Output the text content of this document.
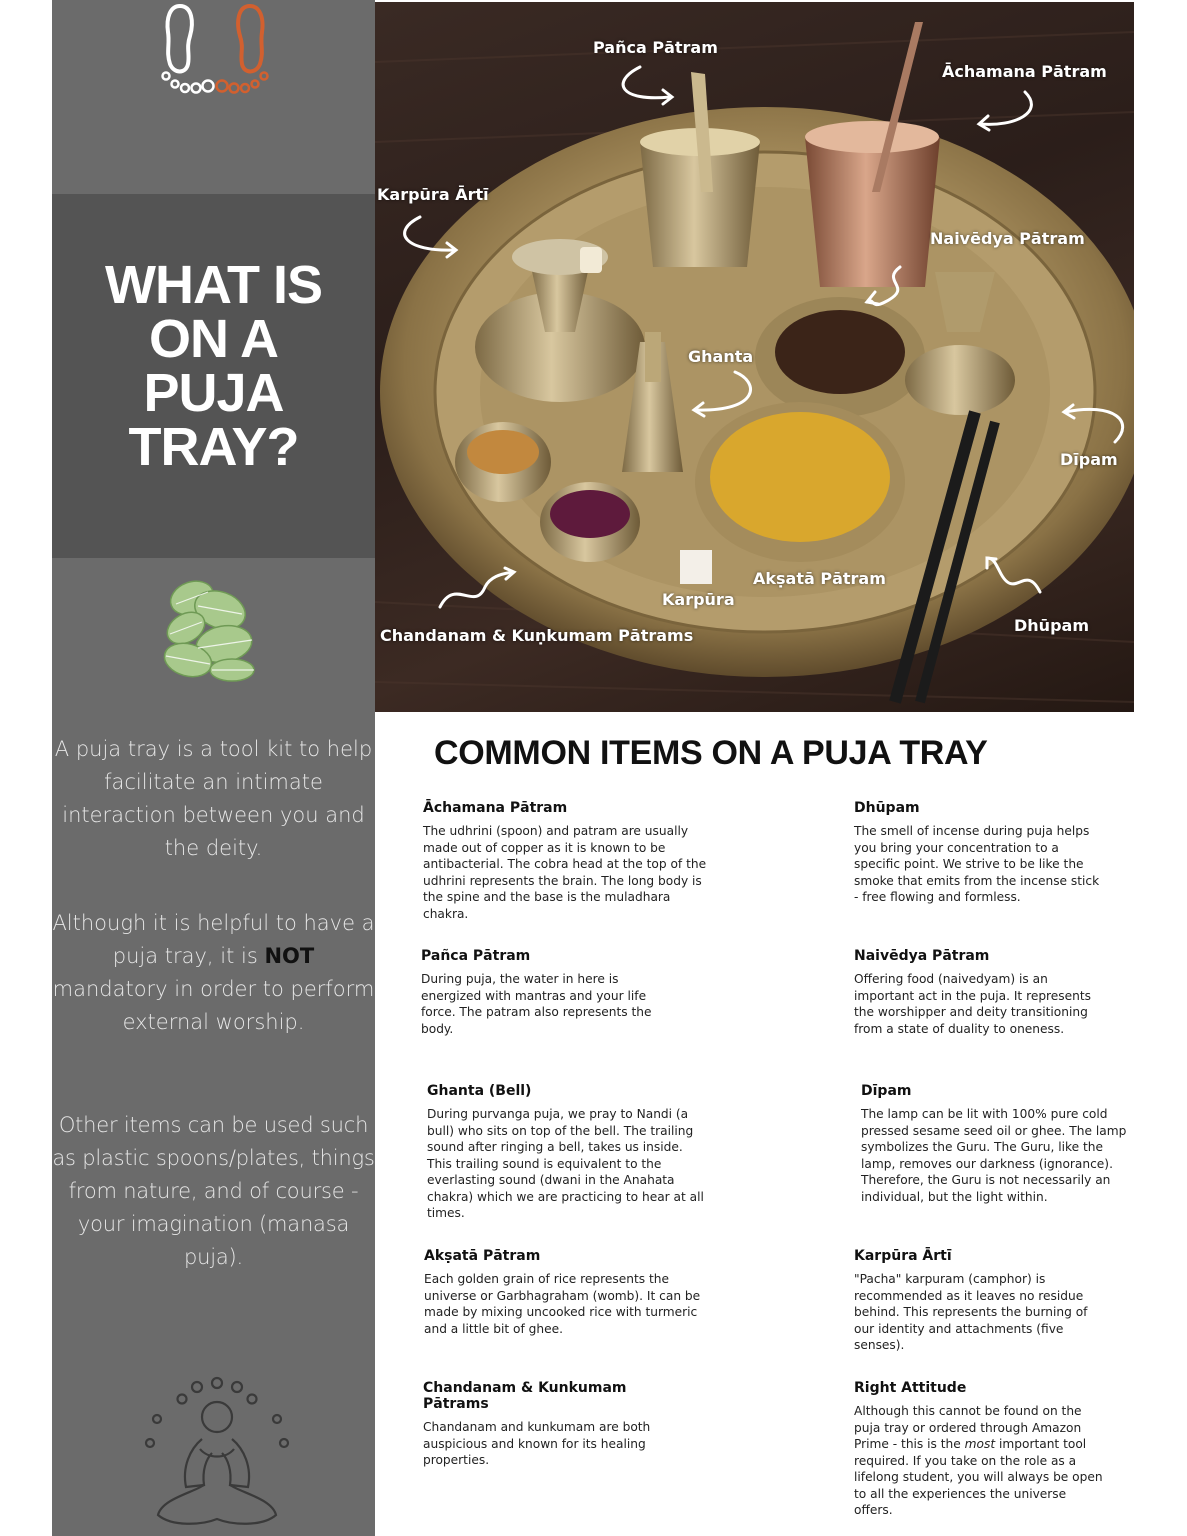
WHAT IS
ON A
PUJA
TRAY?
A puja tray is a tool kit to help facilitate an intimate interaction between you and the deity.
Although it is helpful to have a puja tray, it is NOT mandatory in order to perform external worship.
Other items can be used such as plastic spoons/plates, things from nature, and of course - your imagination (manasa puja).
Pañca Pātram
Āchamana Pātram
Karpūra Ārtī
Naivēdya Pātram
Ghanta
Dīpam
Akṣatā Pātram
Karpūra
Dhūpam
Chandanam & Kuṇkumam Pātrams
COMMON ITEMS ON A PUJA TRAY
Āchamana Pātram

The udhrini (spoon) and patram are usually made out of copper as it is known to be antibacterial. The cobra head at the top of the udhrini represents the brain. The long body is the spine and the base is the muladhara chakra.

Dhūpam

The smell of incense during puja helps you bring your concentration to a specific point. We strive to be like the smoke that emits from the incense stick - free flowing and formless.

Pañca Pātram

During puja, the water in here is energized with mantras and your life force. The patram also represents the body.

Naivēdya Pātram

Offering food (naivedyam) is an important act in the puja. It represents the worshipper and deity transitioning from a state of duality to oneness.

Ghanta (Bell)

During purvanga puja, we pray to Nandi (a bull) who sits on top of the bell. The trailing sound after ringing a bell, takes us inside. This trailing sound is equivalent to the everlasting sound (dwani in the Anahata chakra) which we are practicing to hear at all times.

Dīpam

The lamp can be lit with 100% pure cold pressed sesame seed oil or ghee. The lamp symbolizes the Guru. The Guru, like the lamp, removes our darkness (ignorance). Therefore, the Guru is not necessarily an individual, but the light within.

Akṣatā Pātram

Each golden grain of rice represents the universe or Garbhagraham (womb). It can be made by mixing uncooked rice with turmeric and a little bit of ghee.

Karpūra Ārtī

"Pacha" karpuram (camphor) is recommended as it leaves no residue behind. This represents the burning of our identity and attachments (five senses).

Chandanam & Kunkumam Pātrams

Chandanam and kunkumam are both auspicious and known for its healing properties.

Right Attitude

Although this cannot be found on the puja tray or ordered through Amazon Prime - this is the most important tool required. If you take on the role as a lifelong student, you will always be open to all the experiences the universe offers.
